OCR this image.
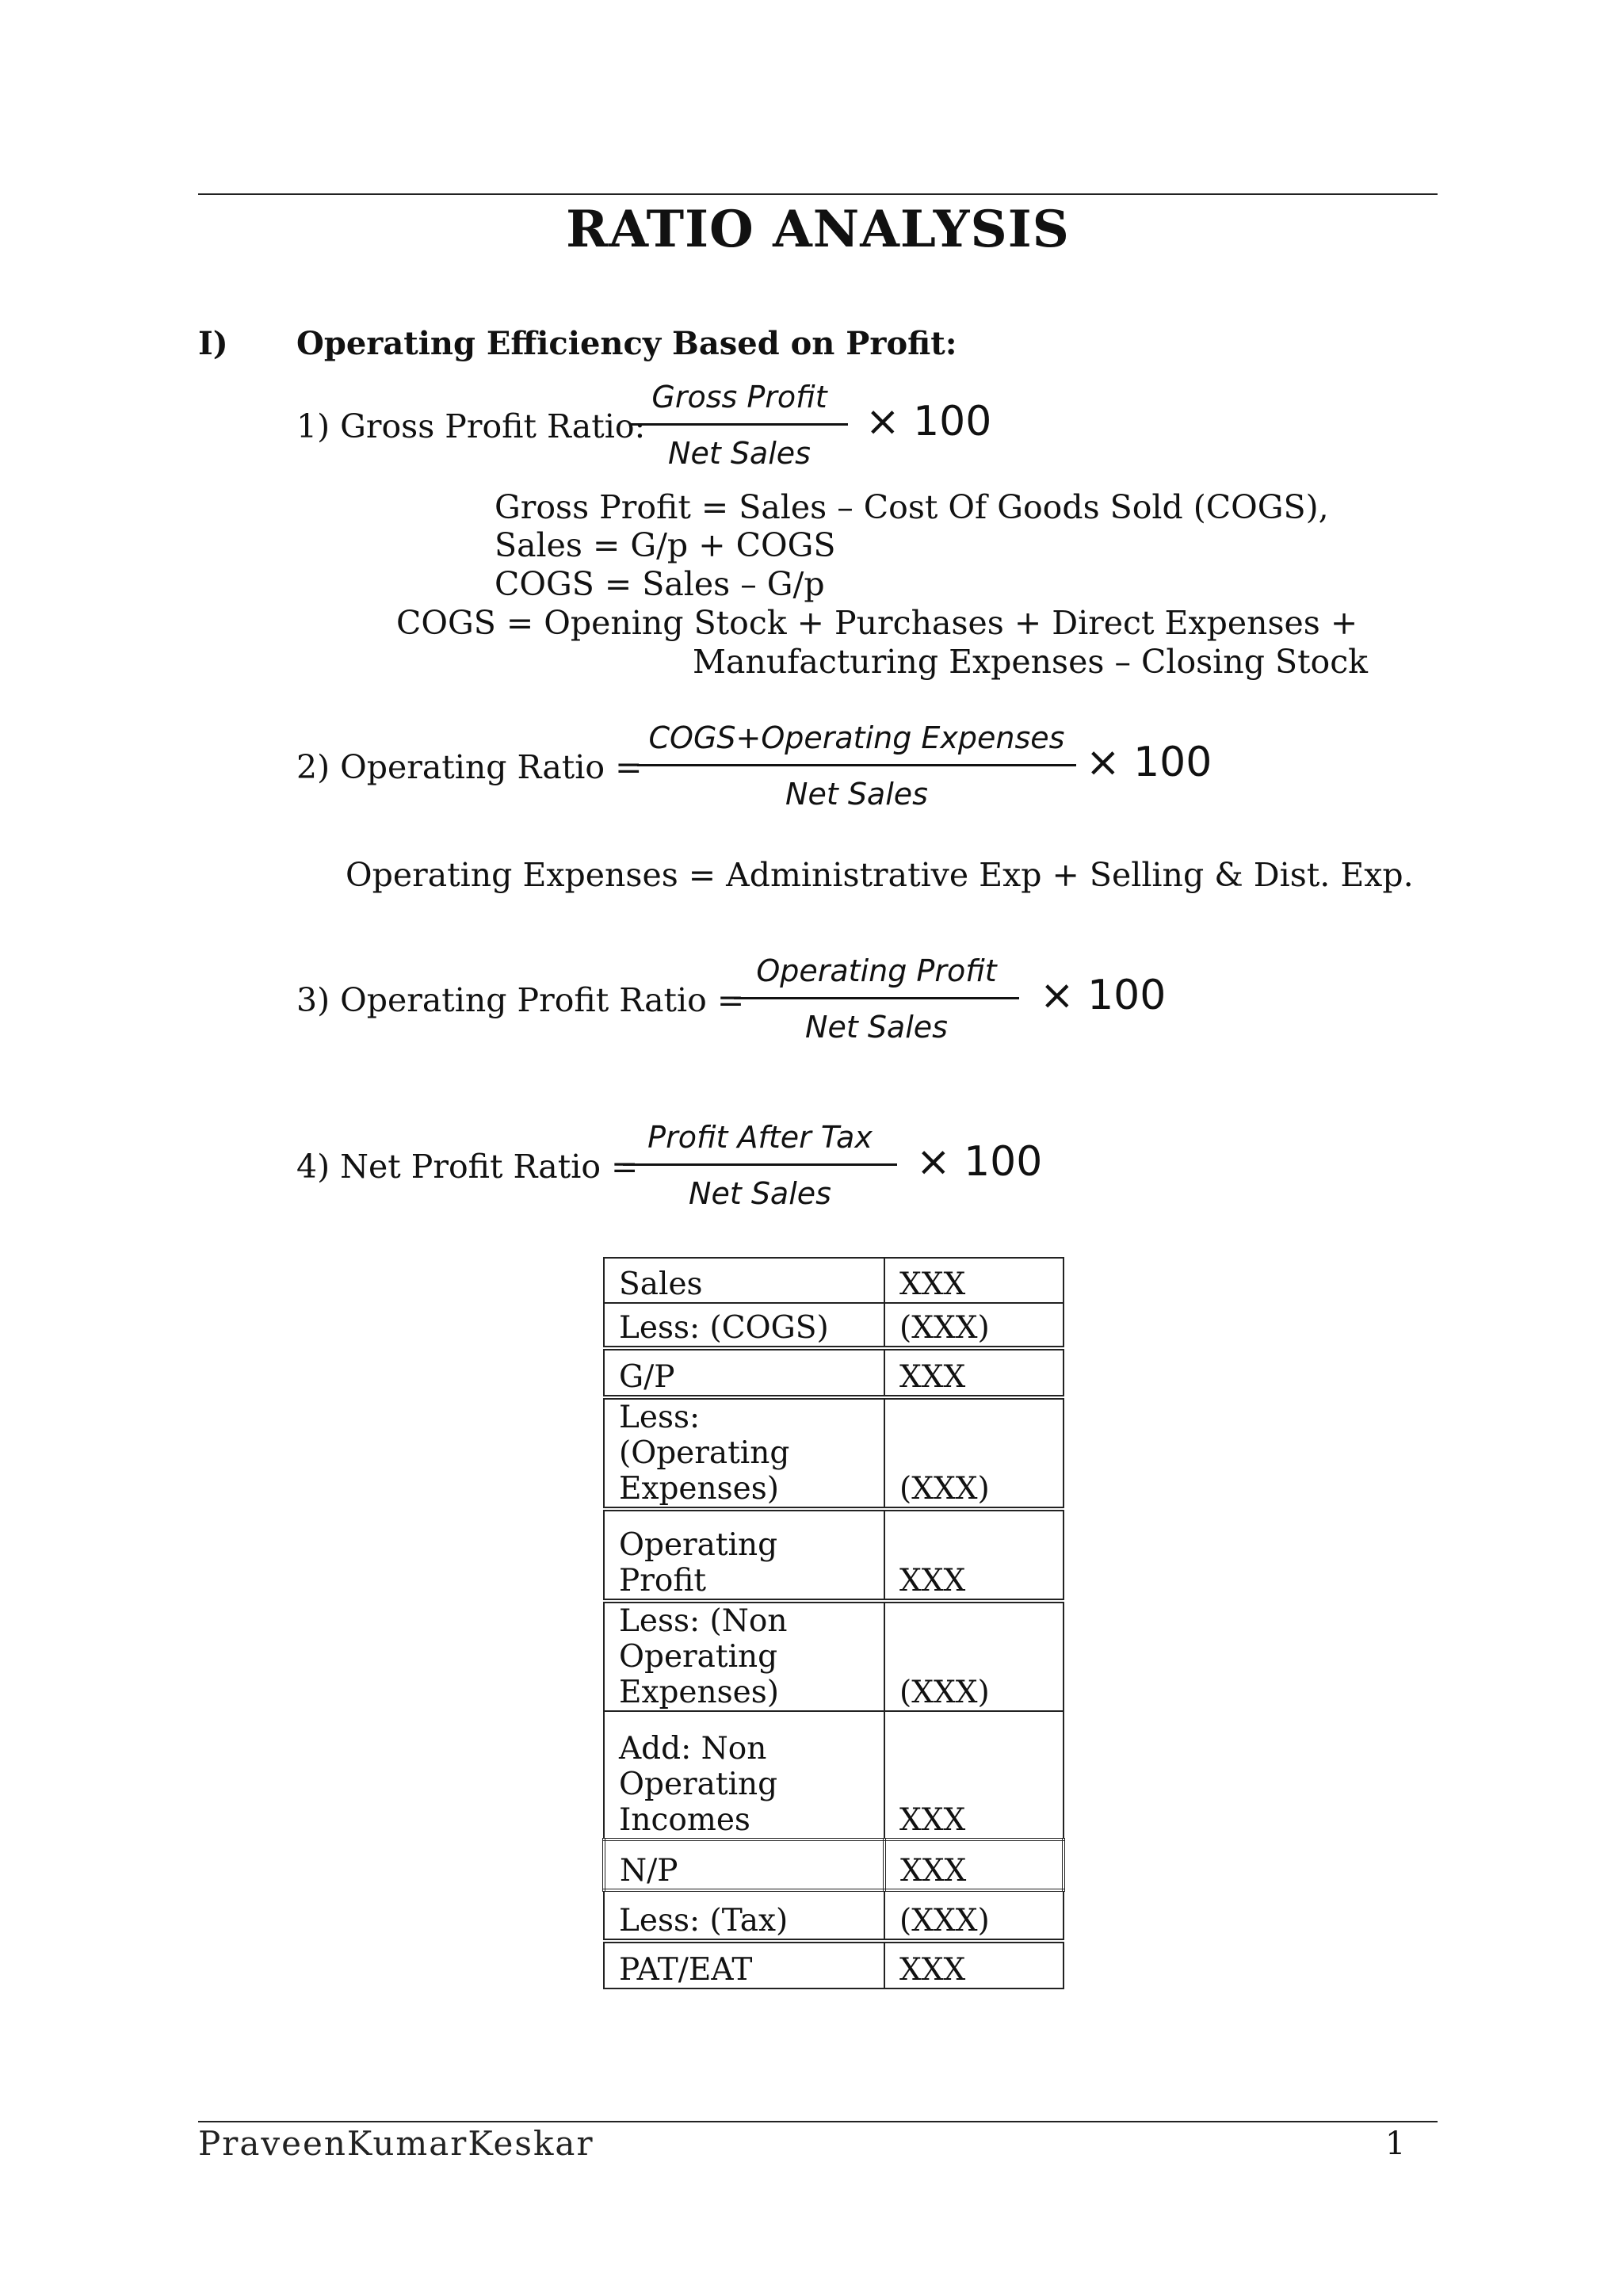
RATIO ANALYSIS
I) Operating Efficiency Based on Profit:
1) Gross Profit Ratio:
Gross Profit
Net Sales
× 100
Gross Profit = Sales – Cost Of Goods Sold (COGS),
Sales = G/p + COGS
COGS = Sales – G/p
COGS = Opening Stock + Purchases + Direct Expenses +
Manufacturing Expenses – Closing Stock
2) Operating Ratio =
COGS+Operating Expenses
Net Sales
× 100
Operating Expenses = Administrative Exp + Selling & Dist. Exp.
3) Operating Profit Ratio =
Operating Profit
Net Sales
× 100
4) Net Profit Ratio =
Profit After Tax
Net Sales
× 100
Sales	XXX
Less: (COGS)	(XXX)
G/P	XXX
Less: (Operating Expenses)	(XXX)
Operating Profit	XXX
Less: (Non Operating Expenses)	(XXX)
Add: Non Operating Incomes	XXX
N/P	XXX
Less: (Tax)	(XXX)
PAT/EAT	XXX
PraveenKumarKeskar	1
